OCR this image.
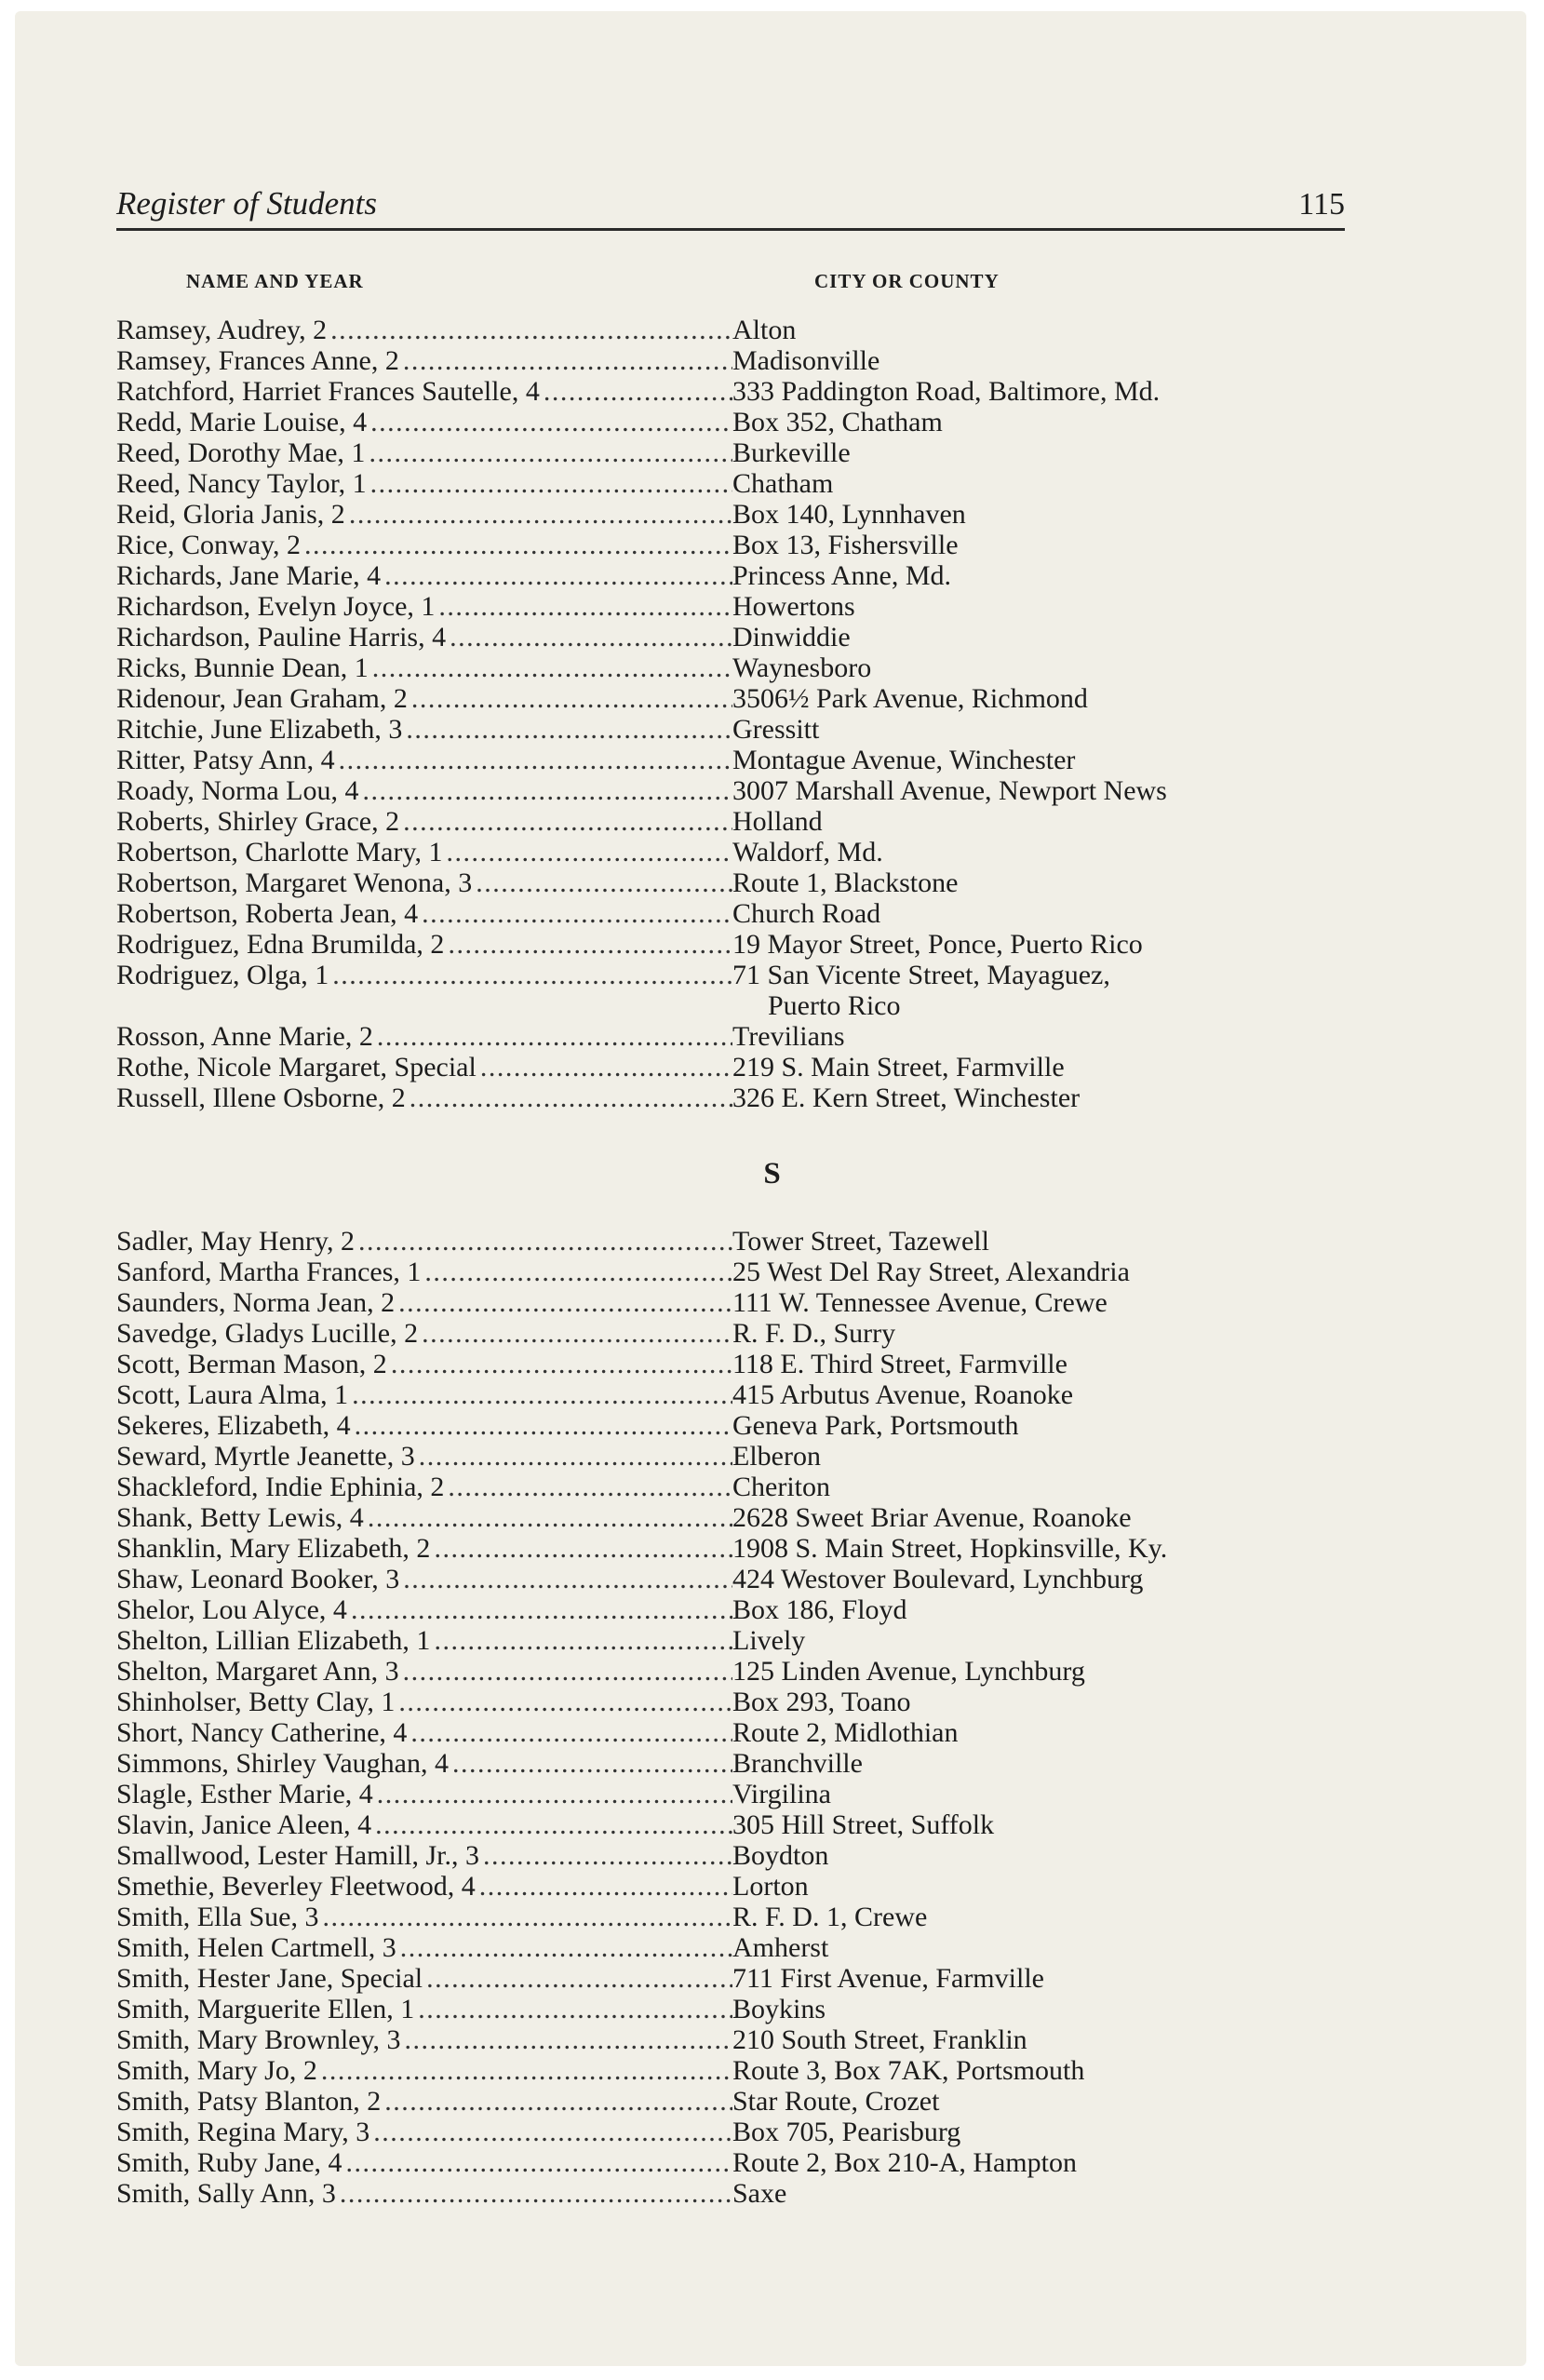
Register of Students	115
NAME AND YEAR	CITY OR COUNTY
Ramsey, Audrey, 2 . . .	Alton
Ramsey, Frances Anne, 2 . . .	Madisonville
Ratchford, Harriet Frances Sautelle, 4 . . .	333 Paddington Road, Baltimore, Md.
Redd, Marie Louise, 4 . . .	Box 352, Chatham
Reed, Dorothy Mae, 1 . . .	Burkeville
Reed, Nancy Taylor, 1 . . .	Chatham
Reid, Gloria Janis, 2 . . .	Box 140, Lynnhaven
Rice, Conway, 2 . . .	Box 13, Fishersville
Richards, Jane Marie, 4 . . .	Princess Anne, Md.
Richardson, Evelyn Joyce, 1 . . .	Howertons
Richardson, Pauline Harris, 4 . . .	Dinwiddie
Ricks, Bunnie Dean, 1 . . .	Waynesboro
Ridenour, Jean Graham, 2 . . .	3506½ Park Avenue, Richmond
Ritchie, June Elizabeth, 3 . . .	Gressitt
Ritter, Patsy Ann, 4 . . .	Montague Avenue, Winchester
Roady, Norma Lou, 4 . . .	3007 Marshall Avenue, Newport News
Roberts, Shirley Grace, 2 . . .	Holland
Robertson, Charlotte Mary, 1 . . .	Waldorf, Md.
Robertson, Margaret Wenona, 3 . . .	Route 1, Blackstone
Robertson, Roberta Jean, 4 . . .	Church Road
Rodriguez, Edna Brumilda, 2 . . .	19 Mayor Street, Ponce, Puerto Rico
Rodriguez, Olga, 1 . . .	71 San Vicente Street, Mayaguez,
Puerto Rico
Rosson, Anne Marie, 2 . . .	Trevilians
Rothe, Nicole Margaret, Special . . .	219 S. Main Street, Farmville
Russell, Illene Osborne, 2 . . .	326 E. Kern Street, Winchester
S
Sadler, May Henry, 2 . . .	Tower Street, Tazewell
Sanford, Martha Frances, 1 . . .	25 West Del Ray Street, Alexandria
Saunders, Norma Jean, 2 . . .	111 W. Tennessee Avenue, Crewe
Savedge, Gladys Lucille, 2 . . .	R. F. D., Surry
Scott, Berman Mason, 2 . . .	118 E. Third Street, Farmville
Scott, Laura Alma, 1 . . .	415 Arbutus Avenue, Roanoke
Sekeres, Elizabeth, 4 . . .	Geneva Park, Portsmouth
Seward, Myrtle Jeanette, 3 . . .	Elberon
Shackleford, Indie Ephinia, 2 . . .	Cheriton
Shank, Betty Lewis, 4 . . .	2628 Sweet Briar Avenue, Roanoke
Shanklin, Mary Elizabeth, 2 . . .	1908 S. Main Street, Hopkinsville, Ky.
Shaw, Leonard Booker, 3 . . .	424 Westover Boulevard, Lynchburg
Shelor, Lou Alyce, 4 . . .	Box 186, Floyd
Shelton, Lillian Elizabeth, 1 . . .	Lively
Shelton, Margaret Ann, 3 . . .	125 Linden Avenue, Lynchburg
Shinholser, Betty Clay, 1 . . .	Box 293, Toano
Short, Nancy Catherine, 4 . . .	Route 2, Midlothian
Simmons, Shirley Vaughan, 4 . . .	Branchville
Slagle, Esther Marie, 4 . . .	Virgilina
Slavin, Janice Aleen, 4 . . .	305 Hill Street, Suffolk
Smallwood, Lester Hamill, Jr., 3 . . .	Boydton
Smethie, Beverley Fleetwood, 4 . . .	Lorton
Smith, Ella Sue, 3 . . .	R. F. D. 1, Crewe
Smith, Helen Cartmell, 3 . . .	Amherst
Smith, Hester Jane, Special . . .	711 First Avenue, Farmville
Smith, Marguerite Ellen, 1 . . .	Boykins
Smith, Mary Brownley, 3 . . .	210 South Street, Franklin
Smith, Mary Jo, 2 . . .	Route 3, Box 7AK, Portsmouth
Smith, Patsy Blanton, 2 . . .	Star Route, Crozet
Smith, Regina Mary, 3 . . .	Box 705, Pearisburg
Smith, Ruby Jane, 4 . . .	Route 2, Box 210-A, Hampton
Smith, Sally Ann, 3 . . .	Saxe
